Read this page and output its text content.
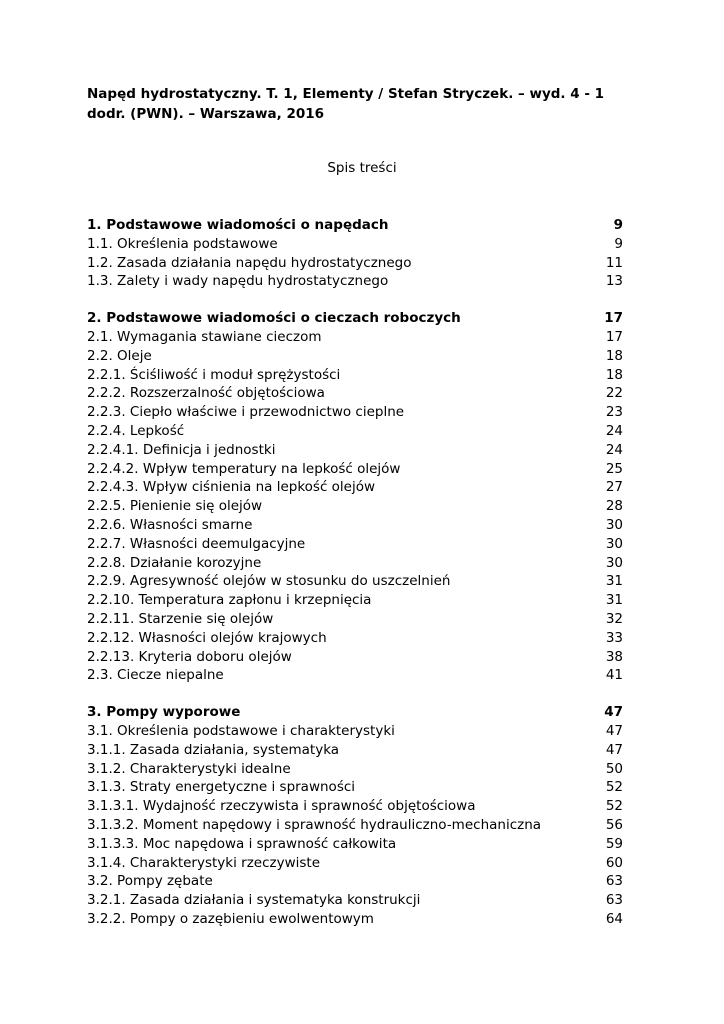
Napęd hydrostatyczny. T. 1, Elementy / Stefan Stryczek. – wyd. 4 - 1 dodr. (PWN). – Warszawa, 2016
Spis treści
1. Podstawowe wiadomości o napędach	9
1.1. Określenia podstawowe	9
1.2. Zasada działania napędu hydrostatycznego	11
1.3. Zalety i wady napędu hydrostatycznego	13
2. Podstawowe wiadomości o cieczach roboczych	17
2.1. Wymagania stawiane cieczom	17
2.2. Oleje	18
2.2.1. Ściśliwość i moduł sprężystości	18
2.2.2. Rozszerzalność objętościowa	22
2.2.3. Ciepło właściwe i przewodnictwo cieplne	23
2.2.4. Lepkość	24
2.2.4.1. Definicja i jednostki	24
2.2.4.2. Wpływ temperatury na lepkość olejów	25
2.2.4.3. Wpływ ciśnienia na lepkość olejów	27
2.2.5. Pienienie się olejów	28
2.2.6. Własności smarne	30
2.2.7. Własności deemulgacyjne	30
2.2.8. Działanie korozyjne	30
2.2.9. Agresywność olejów w stosunku do uszczelnień	31
2.2.10. Temperatura zapłonu i krzepnięcia	31
2.2.11. Starzenie się olejów	32
2.2.12. Własności olejów krajowych	33
2.2.13. Kryteria doboru olejów	38
2.3. Ciecze niepalne	41
3. Pompy wyporowe	47
3.1. Określenia podstawowe i charakterystyki	47
3.1.1. Zasada działania, systematyka	47
3.1.2. Charakterystyki idealne	50
3.1.3. Straty energetyczne i sprawności	52
3.1.3.1. Wydajność rzeczywista i sprawność objętościowa	52
3.1.3.2. Moment napędowy i sprawność hydrauliczno-mechaniczna	56
3.1.3.3. Moc napędowa i sprawność całkowita	59
3.1.4. Charakterystyki rzeczywiste	60
3.2. Pompy zębate	63
3.2.1. Zasada działania i systematyka konstrukcji	63
3.2.2. Pompy o zazębieniu ewolwentowym	64
